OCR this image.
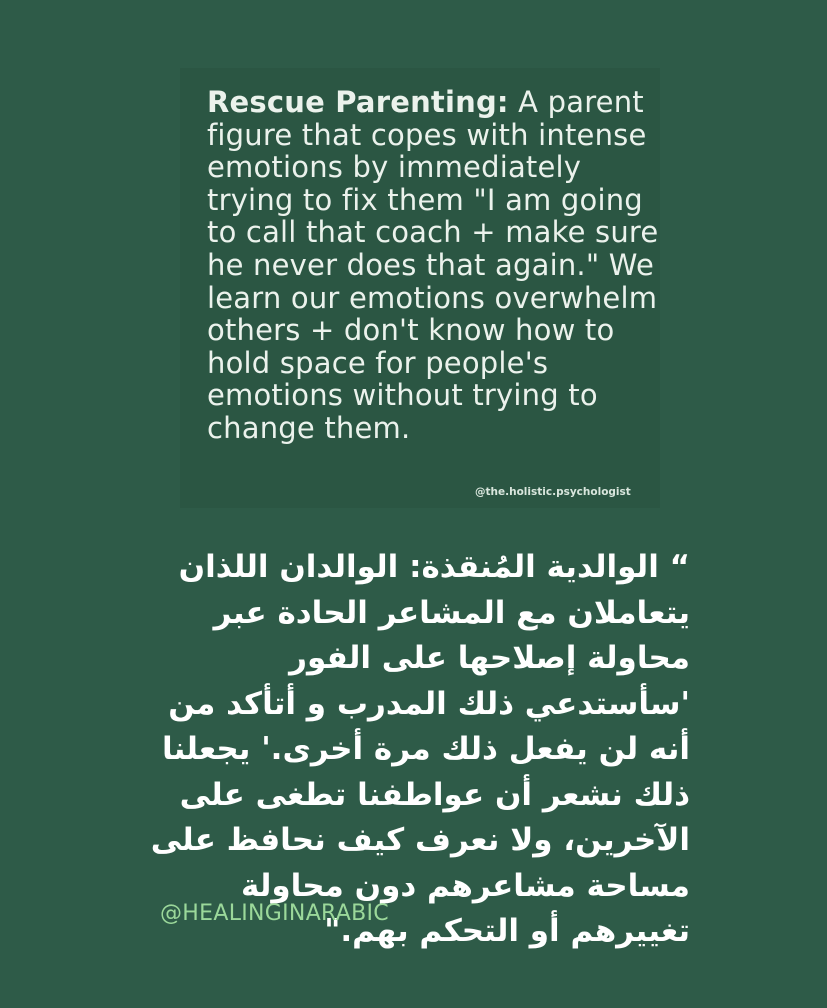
Rescue Parenting: A parent figure that copes with intense emotions by immediately trying to fix them "I am going to call that coach + make sure he never does that again." We learn our emotions overwhelm others + don't know how to hold space for people's emotions without trying to change them.

@the.holistic.psychologist

“ الوالدية المُنقذة: الوالدان اللذان يتعاملان مع المشاعر الحادة عبر محاولة إصلاحها على الفور 'سأستدعي ذلك المدرب و أتأكد من أنه لن يفعل ذلك مرة أخرى.' يجعلنا ذلك نشعر أن عواطفنا تطغى على الآخرين، ولا نعرف كيف نحافظ على مساحة مشاعرهم دون محاولة تغييرهم أو التحكم بهم."

@HEALINGINARABIC
